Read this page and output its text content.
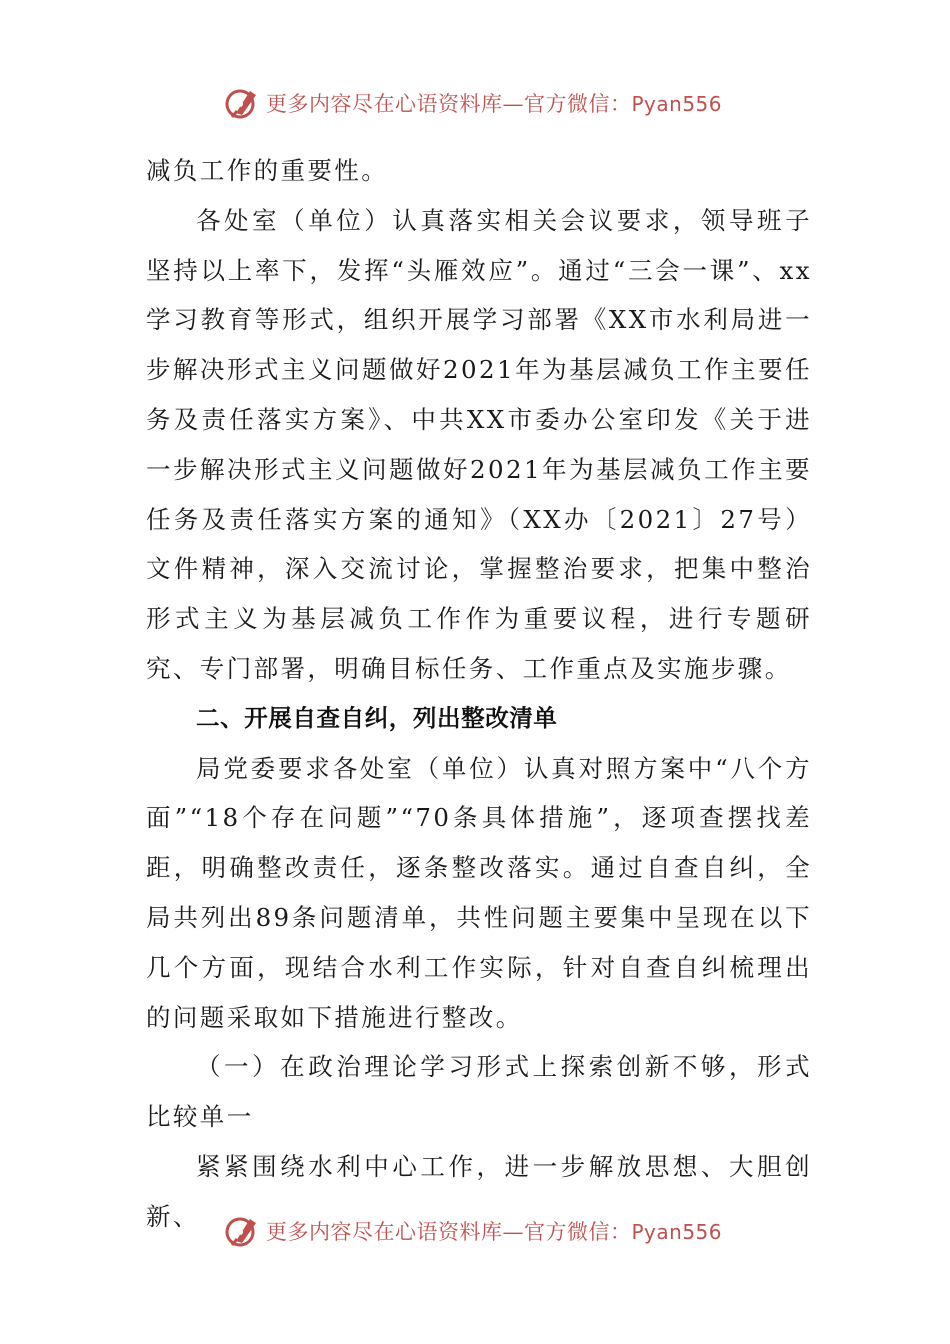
更多内容尽在心语资料库—官方微信：Pyan556

减负工作的重要性。

各处室（单位）认真落实相关会议要求，领导班子坚持以上率下，发挥“头雁效应”。通过“三会一课”、xx学习教育等形式，组织开展学习部署《XX市水利局进一步解决形式主义问题做好2021年为基层减负工作主要任务及责任落实方案》、中共XX市委办公室印发《关于进一步解决形式主义问题做好2021年为基层减负工作主要任务及责任落实方案的通知》（XX办〔2021〕27号）文件精神，深入交流讨论，掌握整治要求，把集中整治形式主义为基层减负工作作为重要议程，进行专题研究、专门部署，明确目标任务、工作重点及实施步骤。

二、开展自查自纠，列出整改清单

局党委要求各处室（单位）认真对照方案中“八个方面”“18个存在问题”“70条具体措施”，逐项查摆找差距，明确整改责任，逐条整改落实。通过自查自纠，全局共列出89条问题清单，共性问题主要集中呈现在以下几个方面，现结合水利工作实际，针对自查自纠梳理出的问题采取如下措施进行整改。

（一）在政治理论学习形式上探索创新不够，形式比较单一

紧紧围绕水利中心工作，进一步解放思想、大胆创新、

更多内容尽在心语资料库—官方微信：Pyan556
